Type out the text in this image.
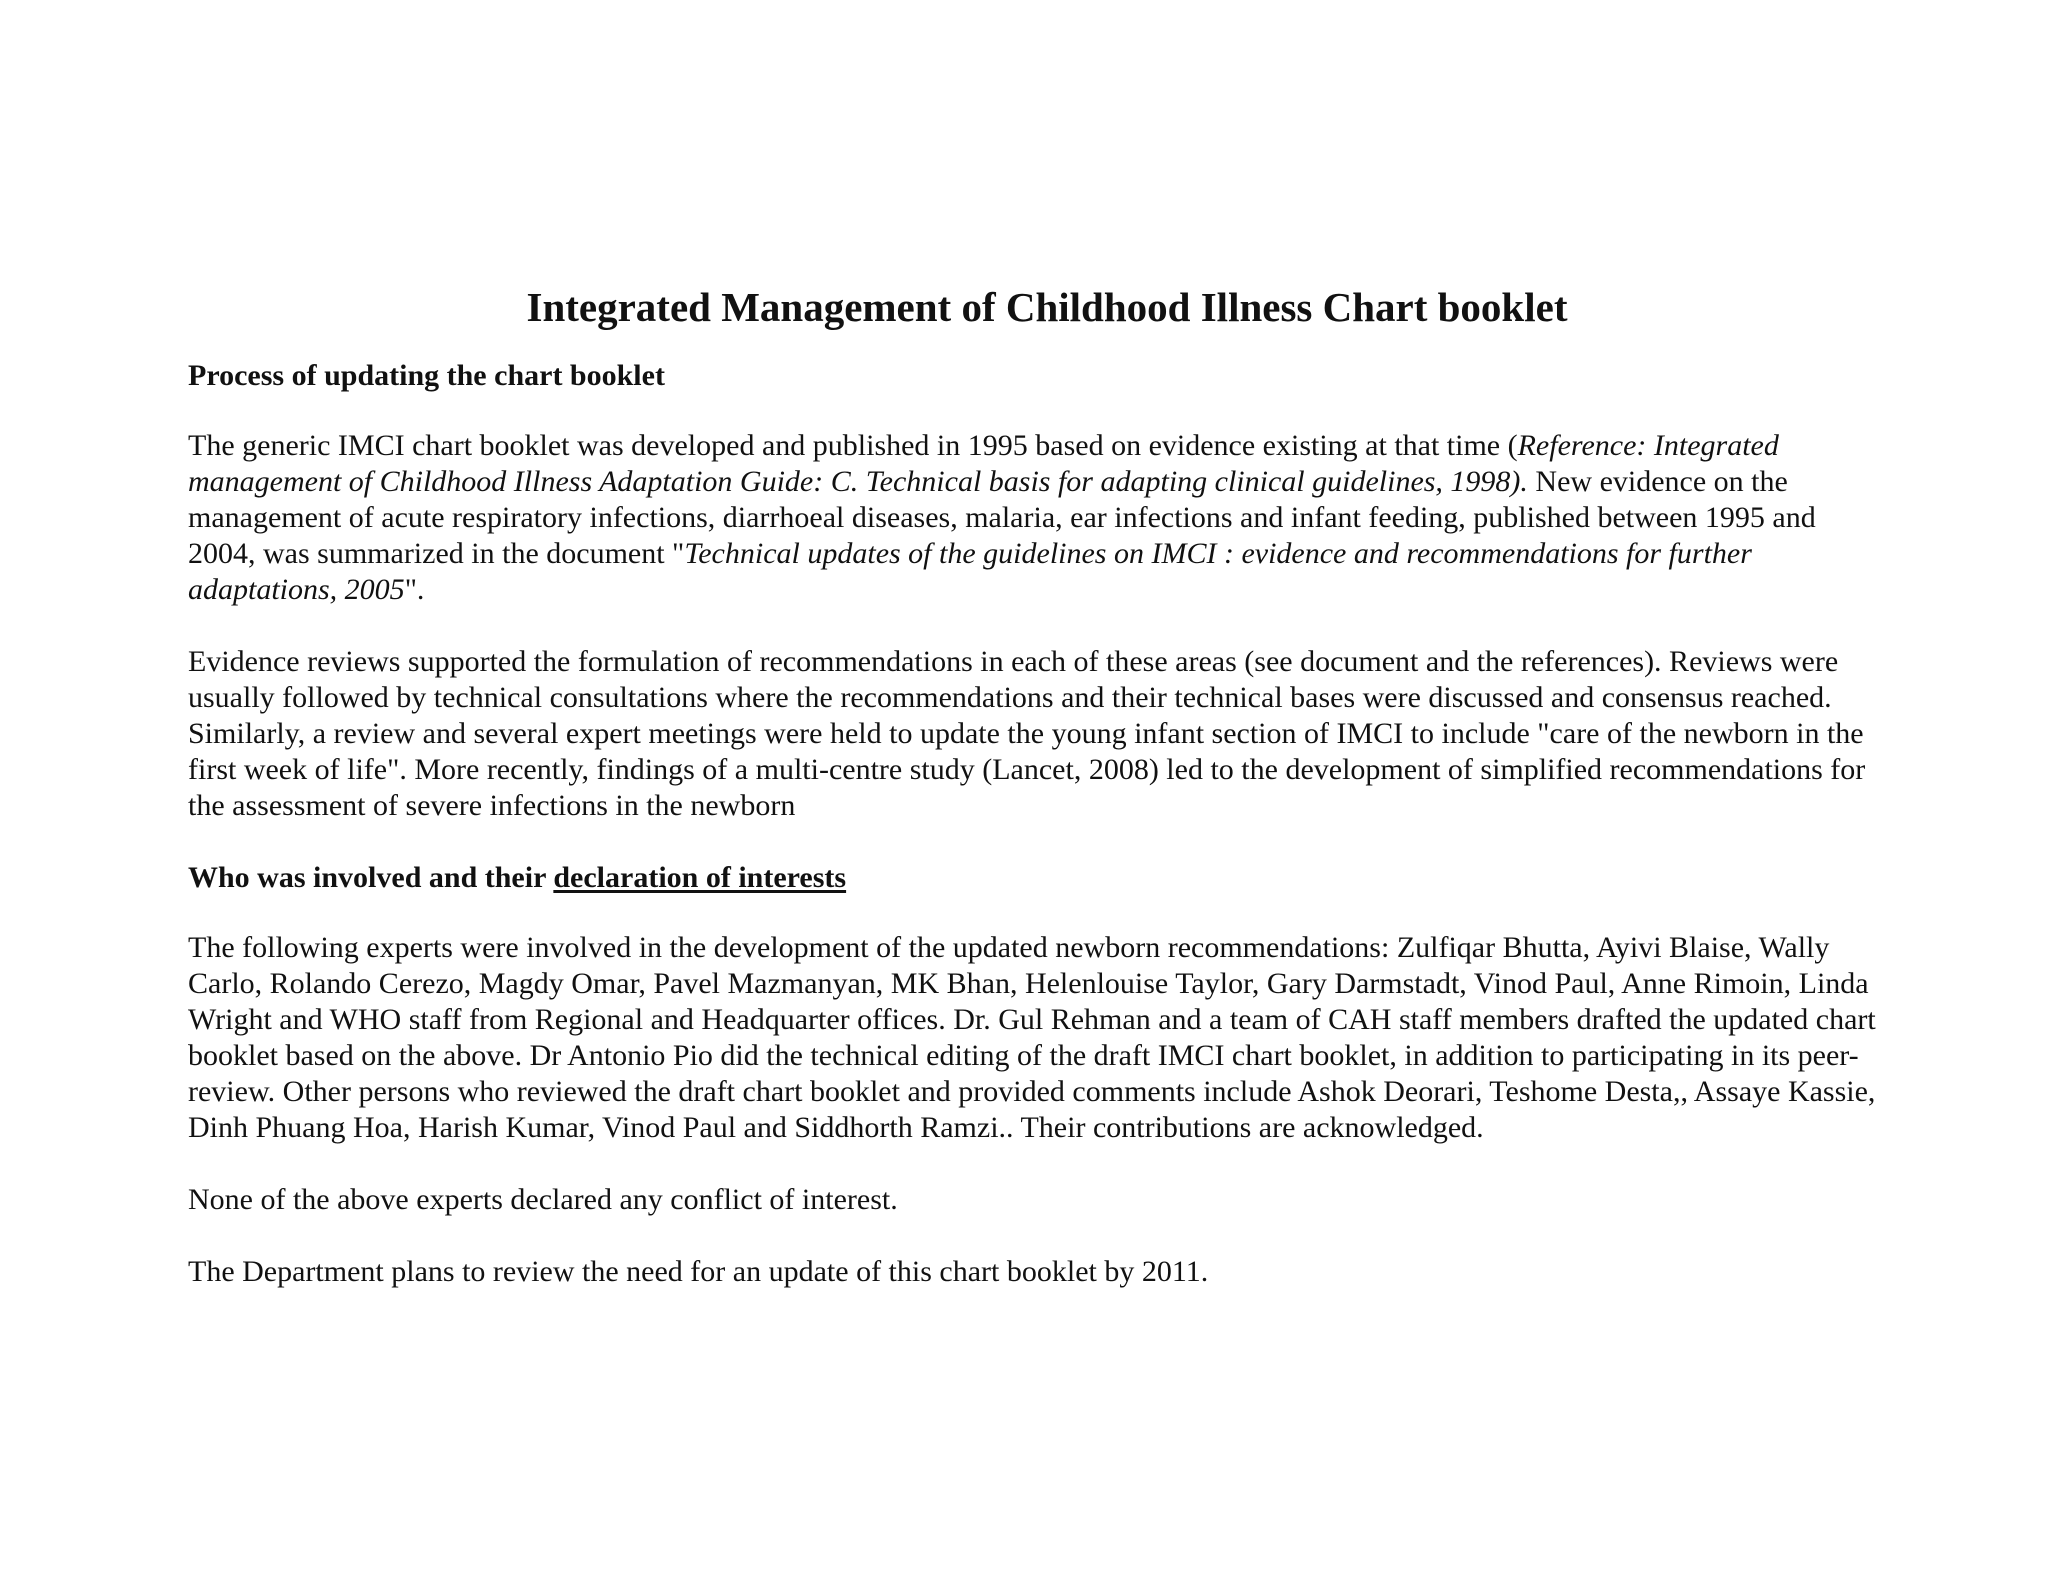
Integrated Management of Childhood Illness Chart booklet
Process of updating the chart booklet

The generic IMCI chart booklet was developed and published in 1995 based on evidence existing at that time (Reference: Integrated management of Childhood Illness Adaptation Guide: C. Technical basis for adapting clinical guidelines, 1998). New evidence on the management of acute respiratory infections, diarrhoeal diseases, malaria, ear infections and infant feeding, published between 1995 and 2004, was summarized in the document "Technical updates of the guidelines on IMCI : evidence and recommendations for further adaptations, 2005".

Evidence reviews supported the formulation of recommendations in each of these areas (see document and the references). Reviews were usually followed by technical consultations where the recommendations and their technical bases were discussed and consensus reached. Similarly, a review and several expert meetings were held to update the young infant section of IMCI to include "care of the newborn in the first week of life". More recently, findings of a multi-centre study (Lancet, 2008) led to the development of simplified recommendations for the assessment of severe infections in the newborn

Who was involved and their declaration of interests

The following experts were involved in the development of the updated newborn recommendations: Zulfiqar Bhutta, Ayivi Blaise, Wally Carlo, Rolando Cerezo, Magdy Omar, Pavel Mazmanyan, MK Bhan, Helenlouise Taylor, Gary Darmstadt, Vinod Paul, Anne Rimoin, Linda Wright and WHO staff from Regional and Headquarter offices. Dr. Gul Rehman and a team of CAH staff members drafted the updated chart booklet based on the above. Dr Antonio Pio did the technical editing of the draft IMCI chart booklet, in addition to participating in its peer-review. Other persons who reviewed the draft chart booklet and provided comments include Ashok Deorari, Teshome Desta,, Assaye Kassie, Dinh Phuang Hoa, Harish Kumar, Vinod Paul and Siddhorth Ramzi.. Their contributions are acknowledged.

None of the above experts declared any conflict of interest.

The Department plans to review the need for an update of this chart booklet by 2011.
